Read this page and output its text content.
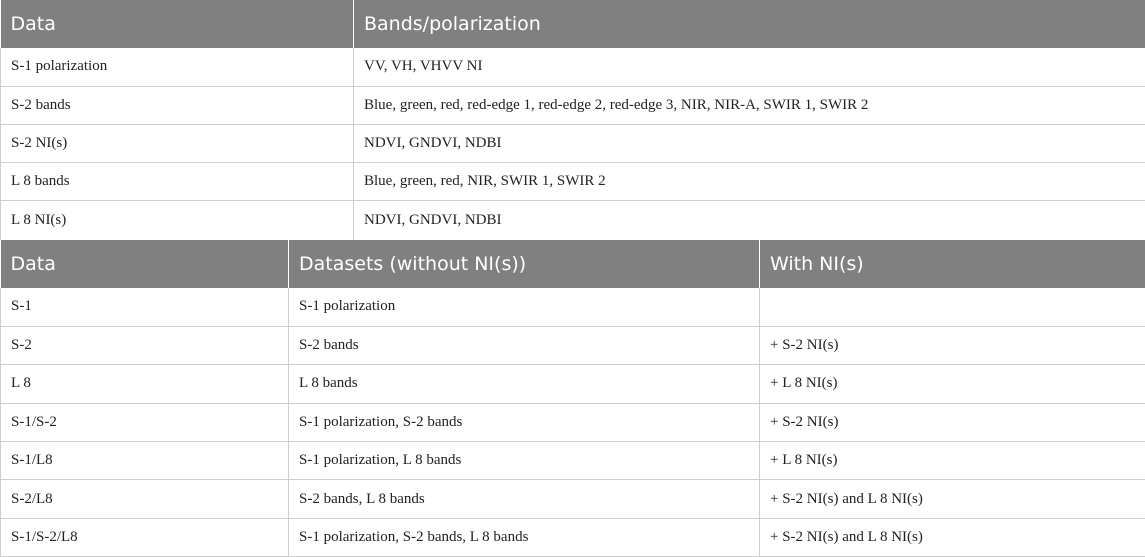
Data	Bands/polarization
S-1 polarization	VV, VH, VHVV NI
S-2 bands	Blue, green, red, red-edge 1, red-edge 2, red-edge 3, NIR, NIR-A, SWIR 1, SWIR 2
S-2 NI(s)	NDVI, GNDVI, NDBI
L 8 bands	Blue, green, red, NIR, SWIR 1, SWIR 2
L 8 NI(s)	NDVI, GNDVI, NDBI
Data	Datasets (without NI(s))	With NI(s)
S-1	S-1 polarization	
S-2	S-2 bands	+ S-2 NI(s)
L 8	L 8 bands	+ L 8 NI(s)
S-1/S-2	S-1 polarization, S-2 bands	+ S-2 NI(s)
S-1/L8	S-1 polarization, L 8 bands	+ L 8 NI(s)
S-2/L8	S-2 bands, L 8 bands	+ S-2 NI(s) and L 8 NI(s)
S-1/S-2/L8	S-1 polarization, S-2 bands, L 8 bands	+ S-2 NI(s) and L 8 NI(s)
